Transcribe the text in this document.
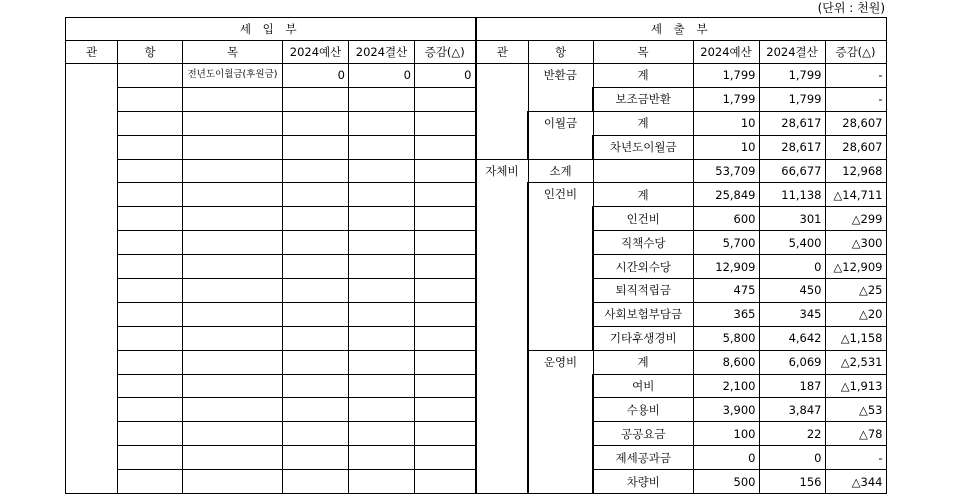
(단위 : 천원)
세 입 부					
관	항	목	2024예산	2024결산	증감(△)
		전년도이월금(후원금)	0	0	0

세 출 부					
관	항	목	2024예산	2024결산	증감(△)
	반환금	계	1,799	1,799	-
		보조금반환	1,799	1,799	-
	이월금	계	10	28,617	28,607
		차년도이월금	10	28,617	28,607
자체비	소계		53,709	66,677	12,968
	인건비	계	25,849	11,138	△14,711
		인건비	600	301	△299
		직책수당	5,700	5,400	△300
		시간외수당	12,909	0	△12,909
		퇴직적립금	475	450	△25
		사회보험부담금	365	345	△20
		기타후생경비	5,800	4,642	△1,158
	운영비	계	8,600	6,069	△2,531
		여비	2,100	187	△1,913
		수용비	3,900	3,847	△53
		공공요금	100	22	△78
		제세공과금	0	0	-
		차량비	500	156	△344
